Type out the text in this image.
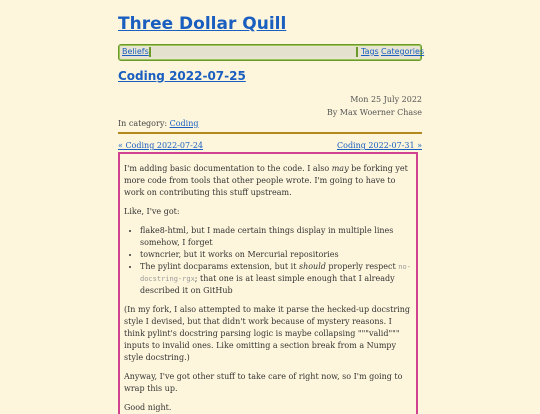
Three Dollar Quill
Beliefs	Tags Categories
Coding 2022-07-25
Mon 25 July 2022
By Max Woerner Chase
In category: Coding
« Coding 2022-07-24	Coding 2022-07-31 »

I'm adding basic documentation to the code. I also may be forking yet more code from tools that other people wrote. I'm going to have to work on contributing this stuff upstream.

Like, I've got:

• flake8-html, but I made certain things display in multiple lines somehow, I forget
• towncrier, but it works on Mercurial repositories
• The pylint docparams extension, but it should properly respect no-docstring-rgx; that one is at least simple enough that I already described it on GitHub

(In my fork, I also attempted to make it parse the hecked-up docstring style I devised, but that didn't work because of mystery reasons. I think pylint's docstring parsing logic is maybe collapsing """valid""" inputs to invalid ones. Like omitting a section break from a Numpy style docstring.)

Anyway, I've got other stuff to take care of right now, so I'm going to wrap this up.

Good night.
